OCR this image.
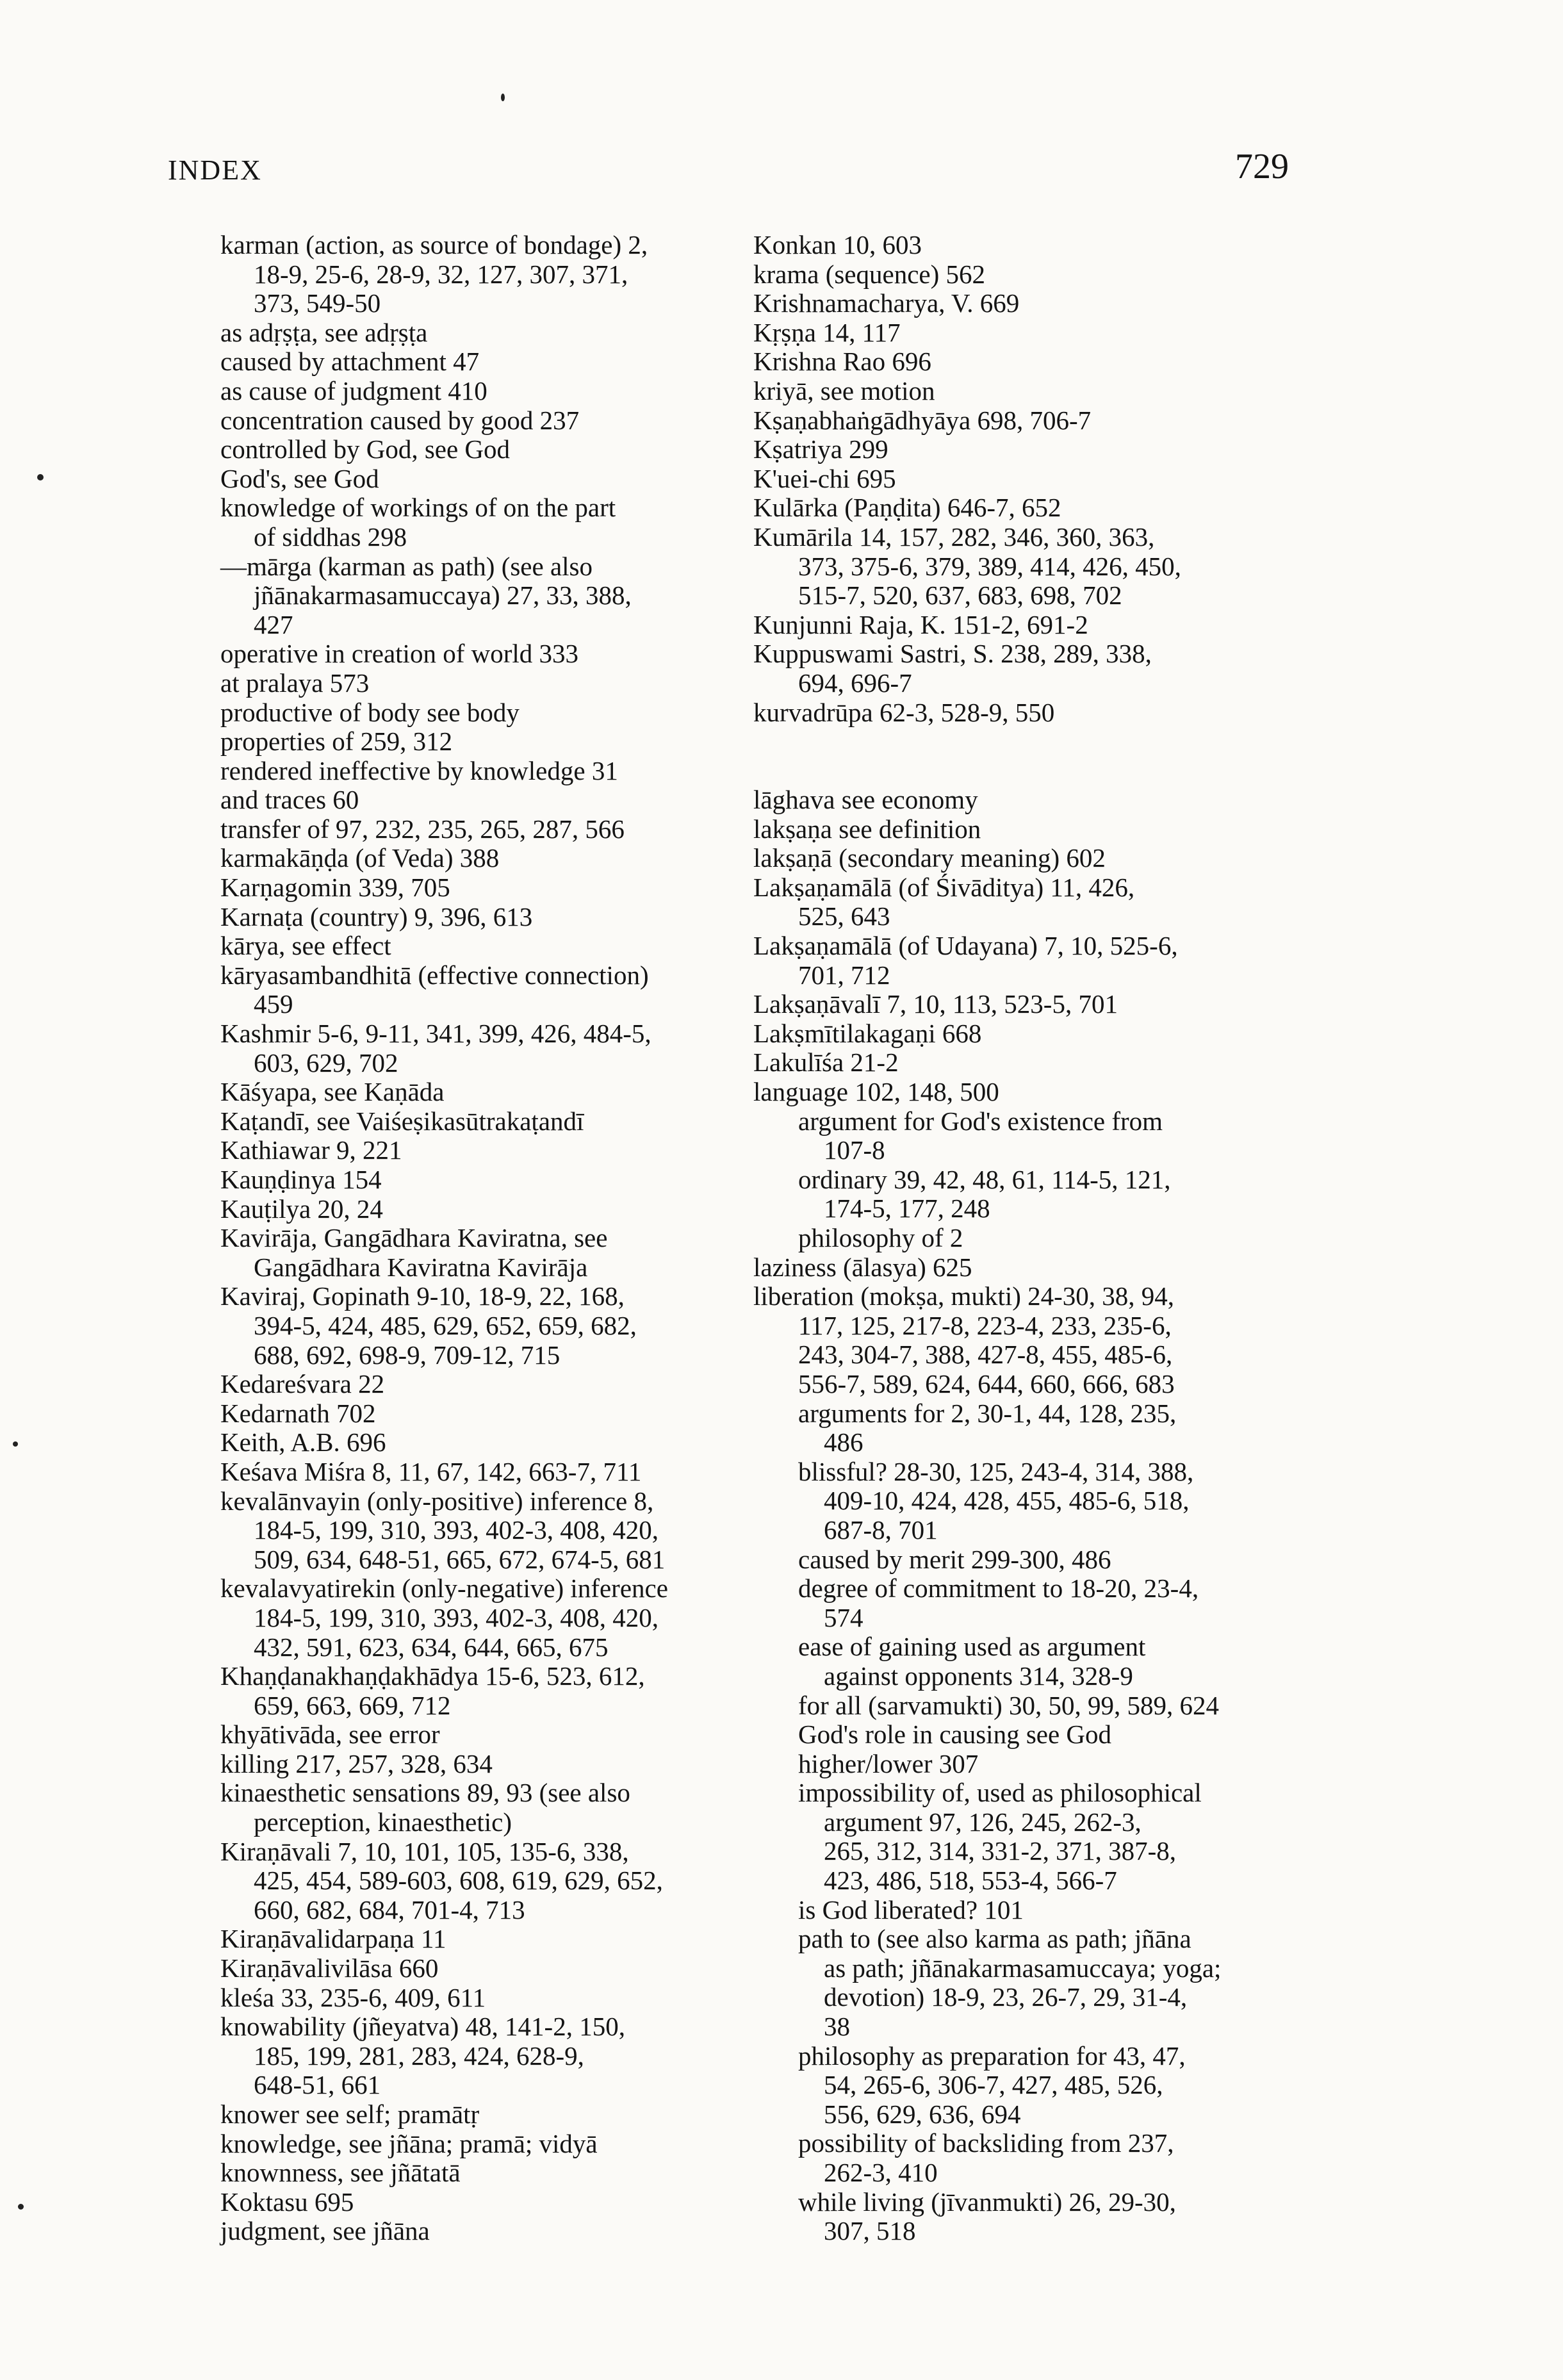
INDEX	729
karman (action, as source of bondage) 2,
18-9, 25-6, 28-9, 32, 127, 307, 371,
373, 549-50
as adṛṣṭa, see adṛṣṭa
caused by attachment 47
as cause of judgment 410
concentration caused by good 237
controlled by God, see God
God's, see God
knowledge of workings of on the part
of siddhas 298
—mārga (karman as path) (see also
jñānakarmasamuccaya) 27, 33, 388,
427
operative in creation of world 333
at pralaya 573
productive of body see body
properties of 259, 312
rendered ineffective by knowledge 31
and traces 60
transfer of 97, 232, 235, 265, 287, 566
karmakāṇḍa (of Veda) 388
Karṇagomin 339, 705
Karnaṭa (country) 9, 396, 613
kārya, see effect
kāryasambandhitā (effective connection)
459
Kashmir 5-6, 9-11, 341, 399, 426, 484-5,
603, 629, 702
Kāśyapa, see Kaṇāda
Kaṭandī, see Vaiśeṣikasūtrakaṭandī
Kathiawar 9, 221
Kauṇḍinya 154
Kauṭilya 20, 24
Kavirāja, Gangādhara Kaviratna, see
Gangādhara Kaviratna Kavirāja
Kaviraj, Gopinath 9-10, 18-9, 22, 168,
394-5, 424, 485, 629, 652, 659, 682,
688, 692, 698-9, 709-12, 715
Kedareśvara 22
Kedarnath 702
Keith, A.B. 696
Keśava Miśra 8, 11, 67, 142, 663-7, 711
kevalānvayin (only-positive) inference 8,
184-5, 199, 310, 393, 402-3, 408, 420,
509, 634, 648-51, 665, 672, 674-5, 681
kevalavyatirekin (only-negative) inference
184-5, 199, 310, 393, 402-3, 408, 420,
432, 591, 623, 634, 644, 665, 675
Khaṇḍanakhaṇḍakhādya 15-6, 523, 612,
659, 663, 669, 712
khyātivāda, see error
killing 217, 257, 328, 634
kinaesthetic sensations 89, 93 (see also
perception, kinaesthetic)
Kiraṇāvali 7, 10, 101, 105, 135-6, 338,
425, 454, 589-603, 608, 619, 629, 652,
660, 682, 684, 701-4, 713
Kiraṇāvalidarpaṇa 11
Kiraṇāvalivilāsa 660
kleśa 33, 235-6, 409, 611
knowability (jñeyatva) 48, 141-2, 150,
185, 199, 281, 283, 424, 628-9,
648-51, 661
knower see self; pramātṛ
knowledge, see jñāna; pramā; vidyā
knownness, see jñātatā
Koktasu 695
judgment, see jñāna
Konkan 10, 603
krama (sequence) 562
Krishnamacharya, V. 669
Kṛṣṇa 14, 117
Krishna Rao 696
kriyā, see motion
Kṣaṇabhaṅgādhyāya 698, 706-7
Kṣatriya 299
K'uei-chi 695
Kulārka (Paṇḍita) 646-7, 652
Kumārila 14, 157, 282, 346, 360, 363,
373, 375-6, 379, 389, 414, 426, 450,
515-7, 520, 637, 683, 698, 702
Kunjunni Raja, K. 151-2, 691-2
Kuppuswami Sastri, S. 238, 289, 338,
694, 696-7
kurvadrūpa 62-3, 528-9, 550
lāghava see economy
lakṣaṇa see definition
lakṣaṇā (secondary meaning) 602
Lakṣaṇamālā (of Śivāditya) 11, 426,
525, 643
Lakṣaṇamālā (of Udayana) 7, 10, 525-6,
701, 712
Lakṣaṇāvalī 7, 10, 113, 523-5, 701
Lakṣmītilakagaṇi 668
Lakulīśa 21-2
language 102, 148, 500
argument for God's existence from
107-8
ordinary 39, 42, 48, 61, 114-5, 121,
174-5, 177, 248
philosophy of 2
laziness (ālasya) 625
liberation (mokṣa, mukti) 24-30, 38, 94,
117, 125, 217-8, 223-4, 233, 235-6,
243, 304-7, 388, 427-8, 455, 485-6,
556-7, 589, 624, 644, 660, 666, 683
arguments for 2, 30-1, 44, 128, 235,
486
blissful? 28-30, 125, 243-4, 314, 388,
409-10, 424, 428, 455, 485-6, 518,
687-8, 701
caused by merit 299-300, 486
degree of commitment to 18-20, 23-4,
574
ease of gaining used as argument
against opponents 314, 328-9
for all (sarvamukti) 30, 50, 99, 589, 624
God's role in causing see God
higher/lower 307
impossibility of, used as philosophical
argument 97, 126, 245, 262-3,
265, 312, 314, 331-2, 371, 387-8,
423, 486, 518, 553-4, 566-7
is God liberated? 101
path to (see also karma as path; jñāna
as path; jñānakarmasamuccaya; yoga;
devotion) 18-9, 23, 26-7, 29, 31-4,
38
philosophy as preparation for 43, 47,
54, 265-6, 306-7, 427, 485, 526,
556, 629, 636, 694
possibility of backsliding from 237,
262-3, 410
while living (jīvanmukti) 26, 29-30,
307, 518
